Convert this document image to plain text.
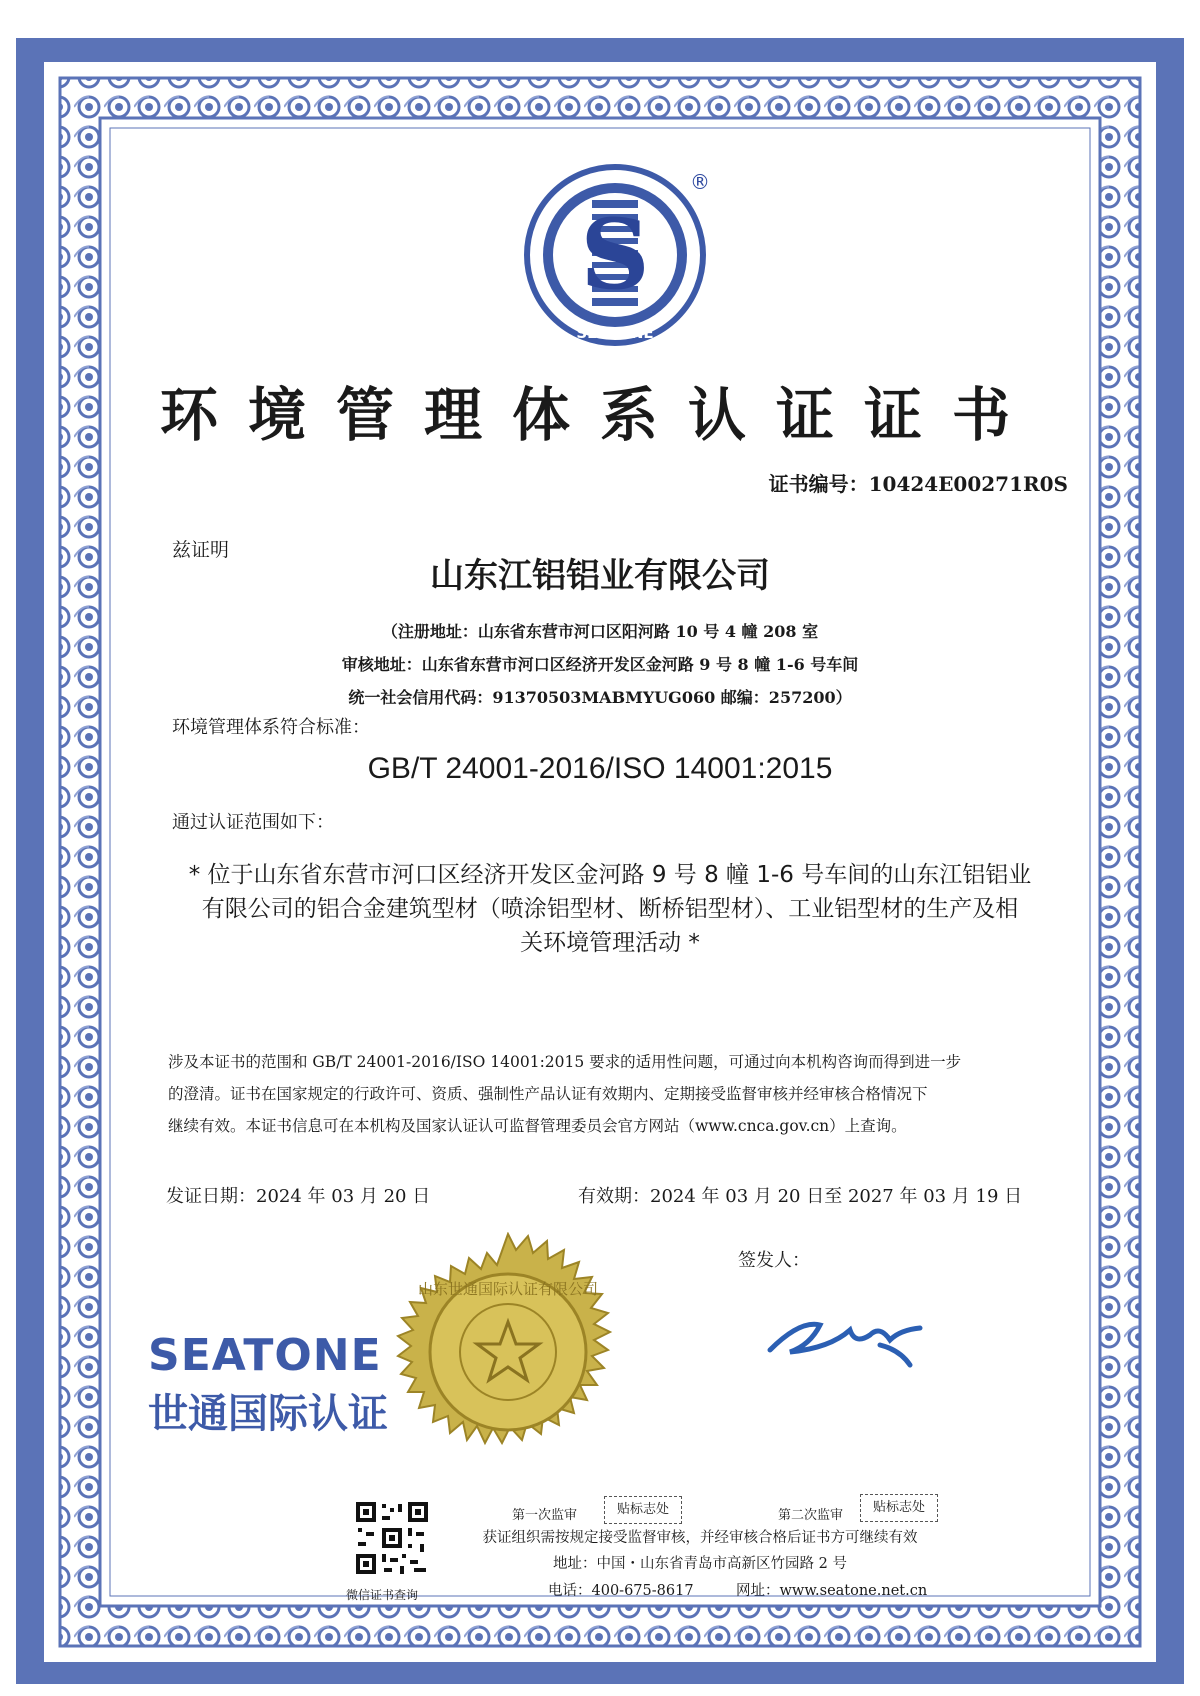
S
SEATONE
®
环境管理体系认证证书
证书编号：10424E00271R0S
兹证明
山东江铝铝业有限公司
（注册地址：山东省东营市河口区阳河路 10 号 4 幢 208 室
审核地址：山东省东营市河口区经济开发区金河路 9 号 8 幢 1-6 号车间
统一社会信用代码：91370503MABMYUG060 邮编：257200）
环境管理体系符合标准：
GB/T 24001-2016/ISO 14001:2015
通过认证范围如下：
* 位于山东省东营市河口区经济开发区金河路 9 号 8 幢 1-6 号车间的山东江铝铝业
有限公司的铝合金建筑型材（喷涂铝型材、断桥铝型材）、工业铝型材的生产及相
关环境管理活动 *
涉及本证书的范围和 GB/T 24001-2016/ISO 14001:2015 要求的适用性问题，可通过向本机构咨询而得到进一步
的澄清。证书在国家规定的行政许可、资质、强制性产品认证有效期内、定期接受监督审核并经审核合格情况下
继续有效。本证书信息可在本机构及国家认证认可监督管理委员会官方网站（www.cnca.gov.cn）上查询。
发证日期：2024 年 03 月 20 日	有效期：2024 年 03 月 20 日至 2027 年 03 月 19 日
签发人：
SEATONE
世通国际认证
山东世通国际认证有限公司
微信证书查询
第一次监审	贴标志处	第二次监审
贴标志处
获证组织需按规定接受监督审核，并经审核合格后证书方可继续有效
地址：中国・山东省青岛市高新区竹园路 2 号
电话：400-675-8617	网址：www.seatone.net.cn
